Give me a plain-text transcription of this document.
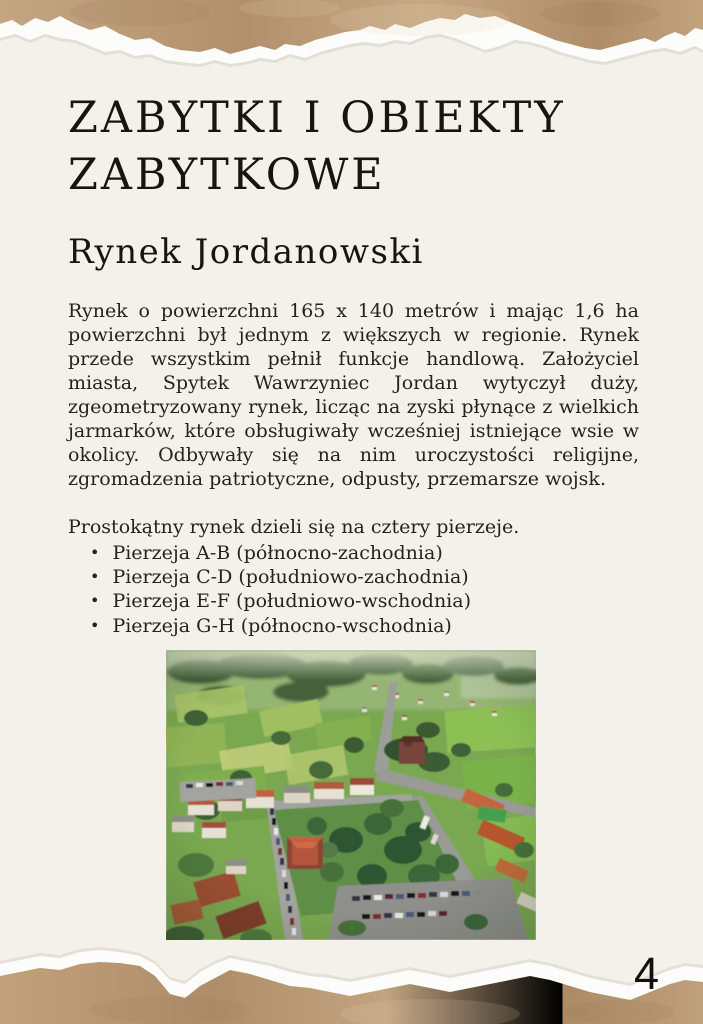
ZABYTKI I OBIEKTY
ZABYTKOWE
Rynek Jordanowski

Rynek o powierzchni 165 x 140 metrów i mając 1,6 ha powierzchni był jednym z większych w regionie. Rynek przede wszystkim pełnił funkcje handlową. Założyciel miasta, Spytek Wawrzyniec Jordan wytyczył duży, zgeometryzowany rynek, licząc na zyski płynące z wielkich jarmarków, które obsługiwały wcześniej istniejące wsie w okolicy. Odbywały się na nim uroczystości religijne, zgromadzenia patriotyczne, odpusty, przemarsze wojsk.

Prostokątny rynek dzieli się na cztery pierzeje.

• Pierzeja A-B (północno-zachodnia)
• Pierzeja C-D (południowo-zachodnia)
• Pierzeja E-F (południowo-wschodnia)
• Pierzeja G-H (północno-wschodnia)
4
